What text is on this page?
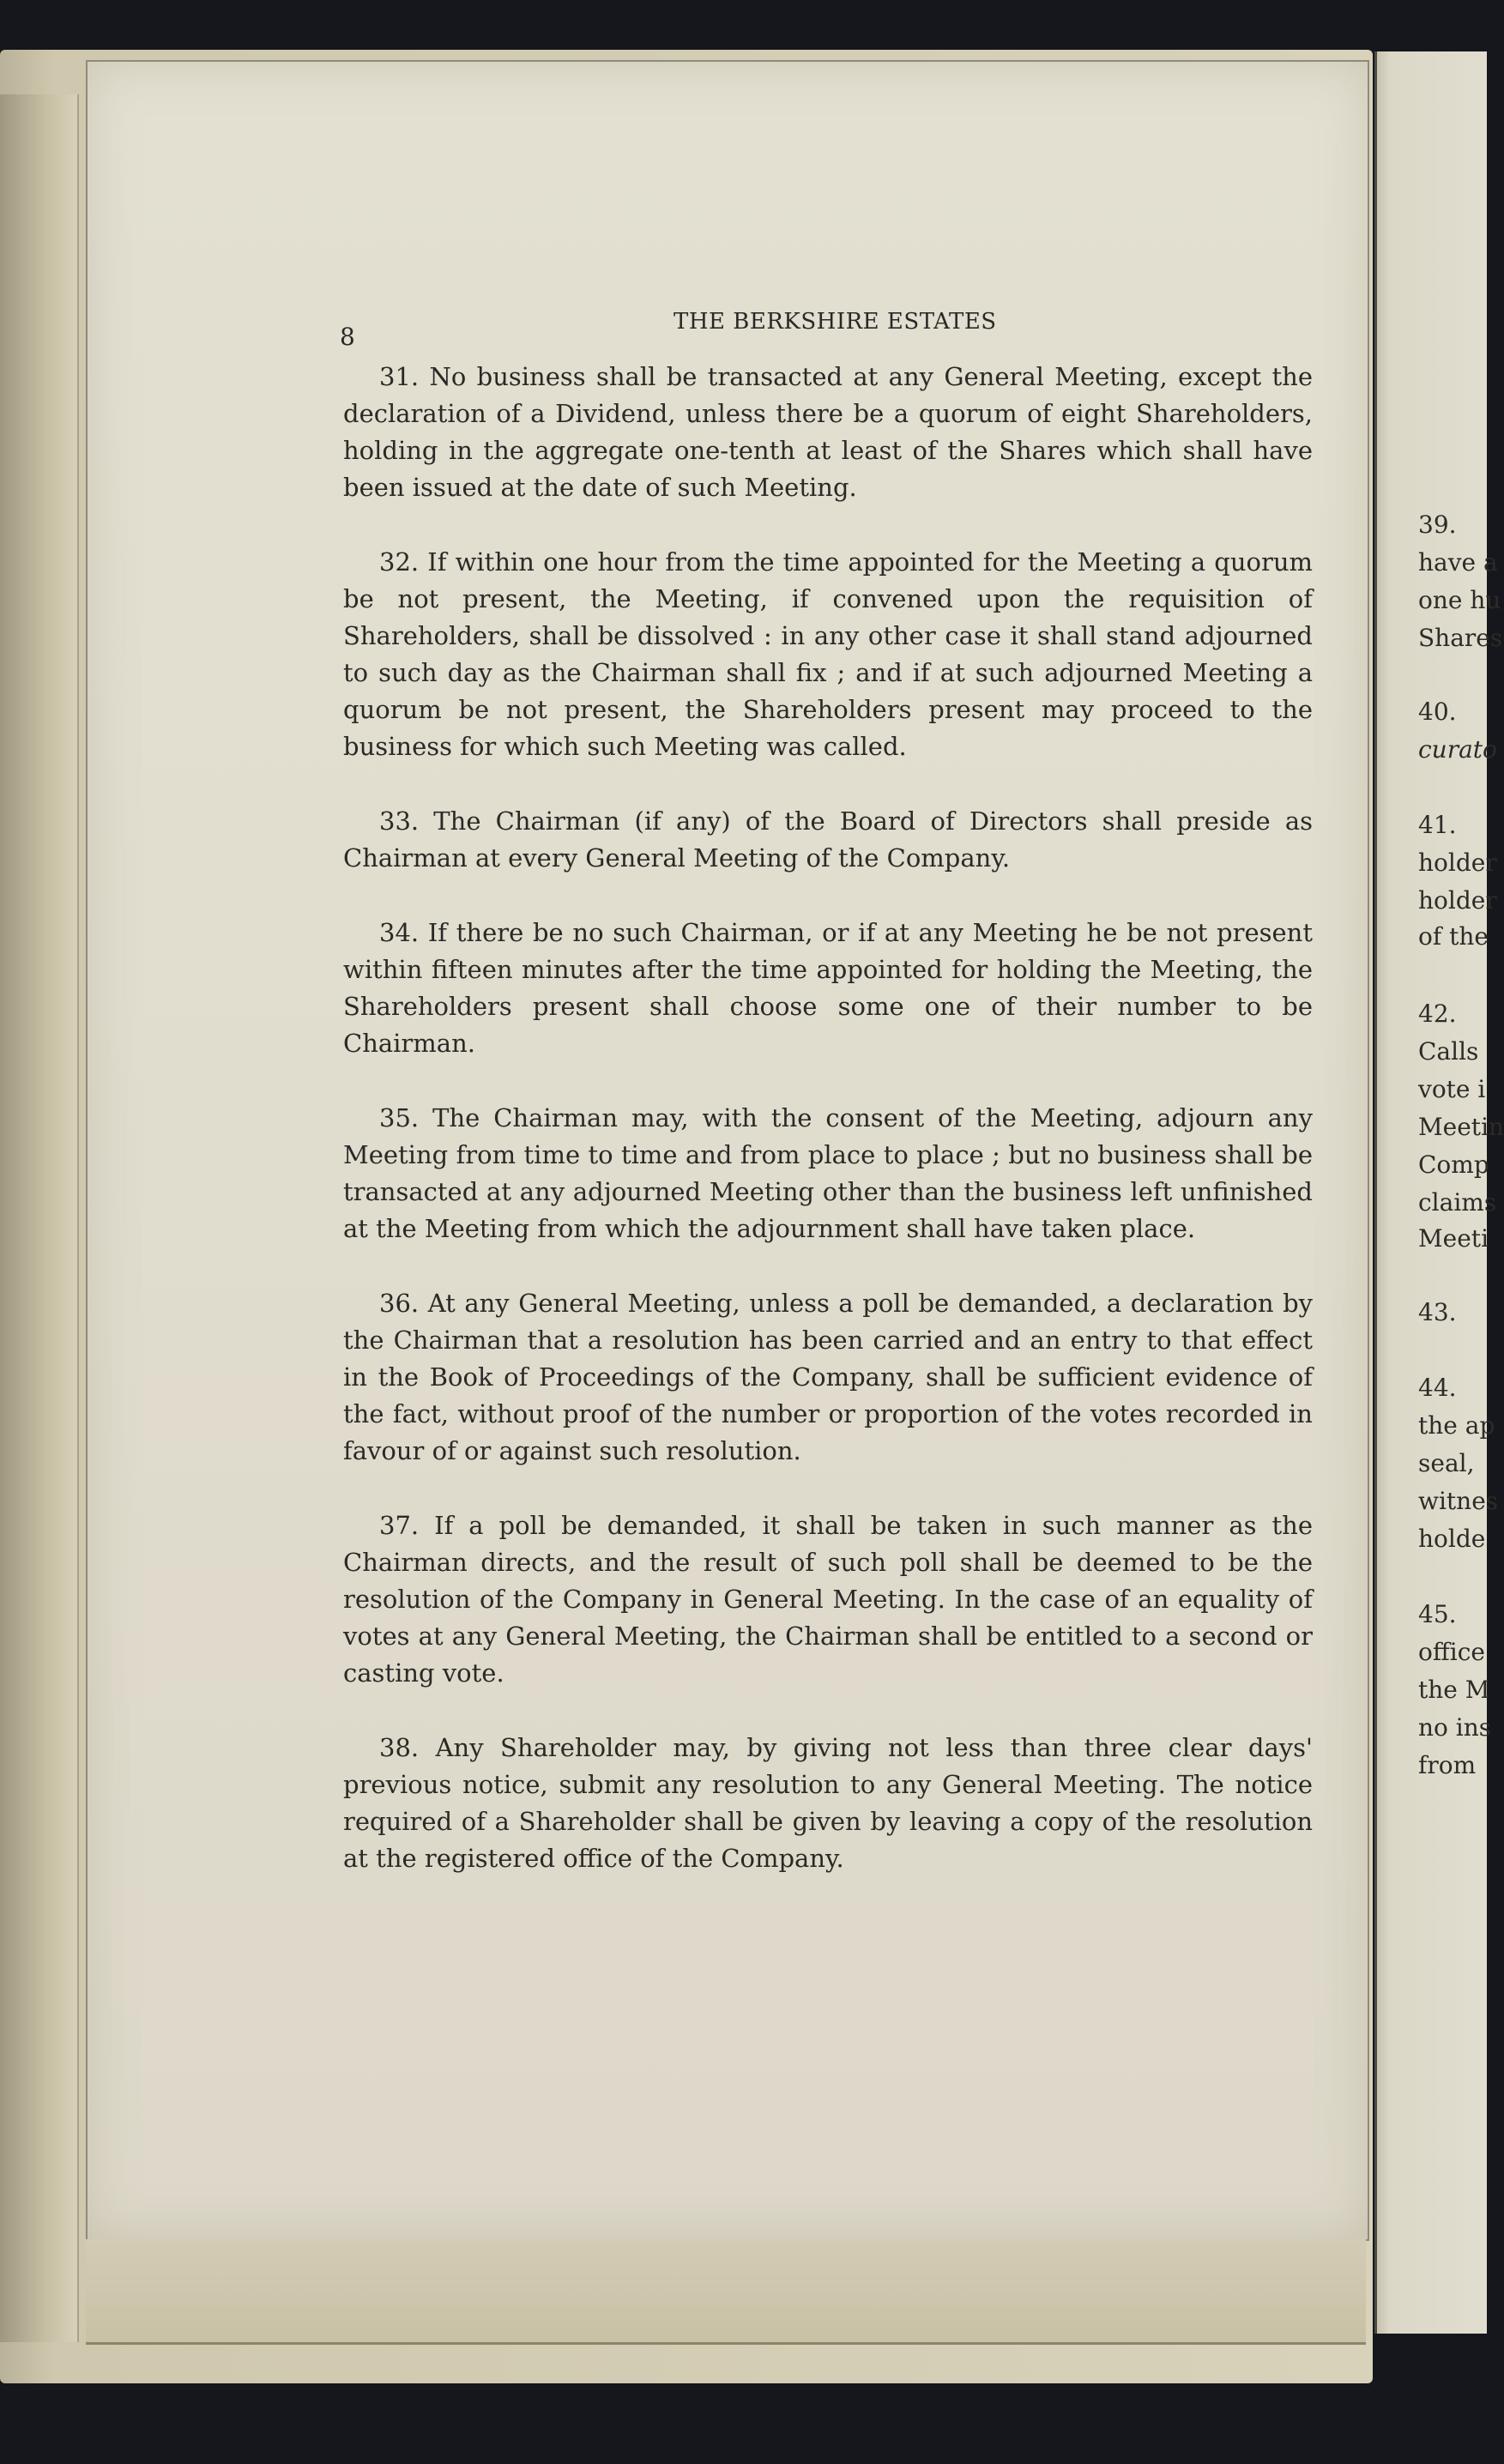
8
THE BERKSHIRE ESTATES

31. No business shall be transacted at any General Meeting, except the declaration of a Dividend, unless there be a quorum of eight Shareholders, holding in the aggregate one-tenth at least of the Shares which shall have been issued at the date of such Meeting.

32. If within one hour from the time appointed for the Meeting a quorum be not present, the Meeting, if convened upon the requisition of Shareholders, shall be dissolved : in any other case it shall stand adjourned to such day as the Chairman shall fix ; and if at such adjourned Meeting a quorum be not present, the Shareholders present may proceed to the business for which such Meeting was called.

33. The Chairman (if any) of the Board of Directors shall preside as Chairman at every General Meeting of the Company.

34. If there be no such Chairman, or if at any Meeting he be not present within fifteen minutes after the time appointed for holding the Meeting, the Shareholders present shall choose some one of their number to be Chairman.

35. The Chairman may, with the consent of the Meeting, adjourn any Meeting from time to time and from place to place ; but no business shall be transacted at any adjourned Meeting other than the business left unfinished at the Meeting from which the adjournment shall have taken place.

36. At any General Meeting, unless a poll be demanded, a declaration by the Chairman that a resolution has been carried and an entry to that effect in the Book of Proceedings of the Company, shall be sufficient evidence of the fact, without proof of the number or proportion of the votes recorded in favour of or against such resolution.

37. If a poll be demanded, it shall be taken in such manner as the Chairman directs, and the result of such poll shall be deemed to be the resolution of the Company in General Meeting. In the case of an equality of votes at any General Meeting, the Chairman shall be entitled to a second or casting vote.

38. Any Shareholder may, by giving not less than three clear days' previous notice, submit any resolution to any General Meeting. The notice required of a Shareholder shall be given by leaving a copy of the resolution at the registered office of the Company.

39.
have a
one hu
Shares
40.
curato
41.
holder
holder
of the
42.
Calls
vote i
Meetin
Comp
claims
Meeti
43.
44.
the ap
seal,
witnes
holde
45.
office
the M
no ins
from
